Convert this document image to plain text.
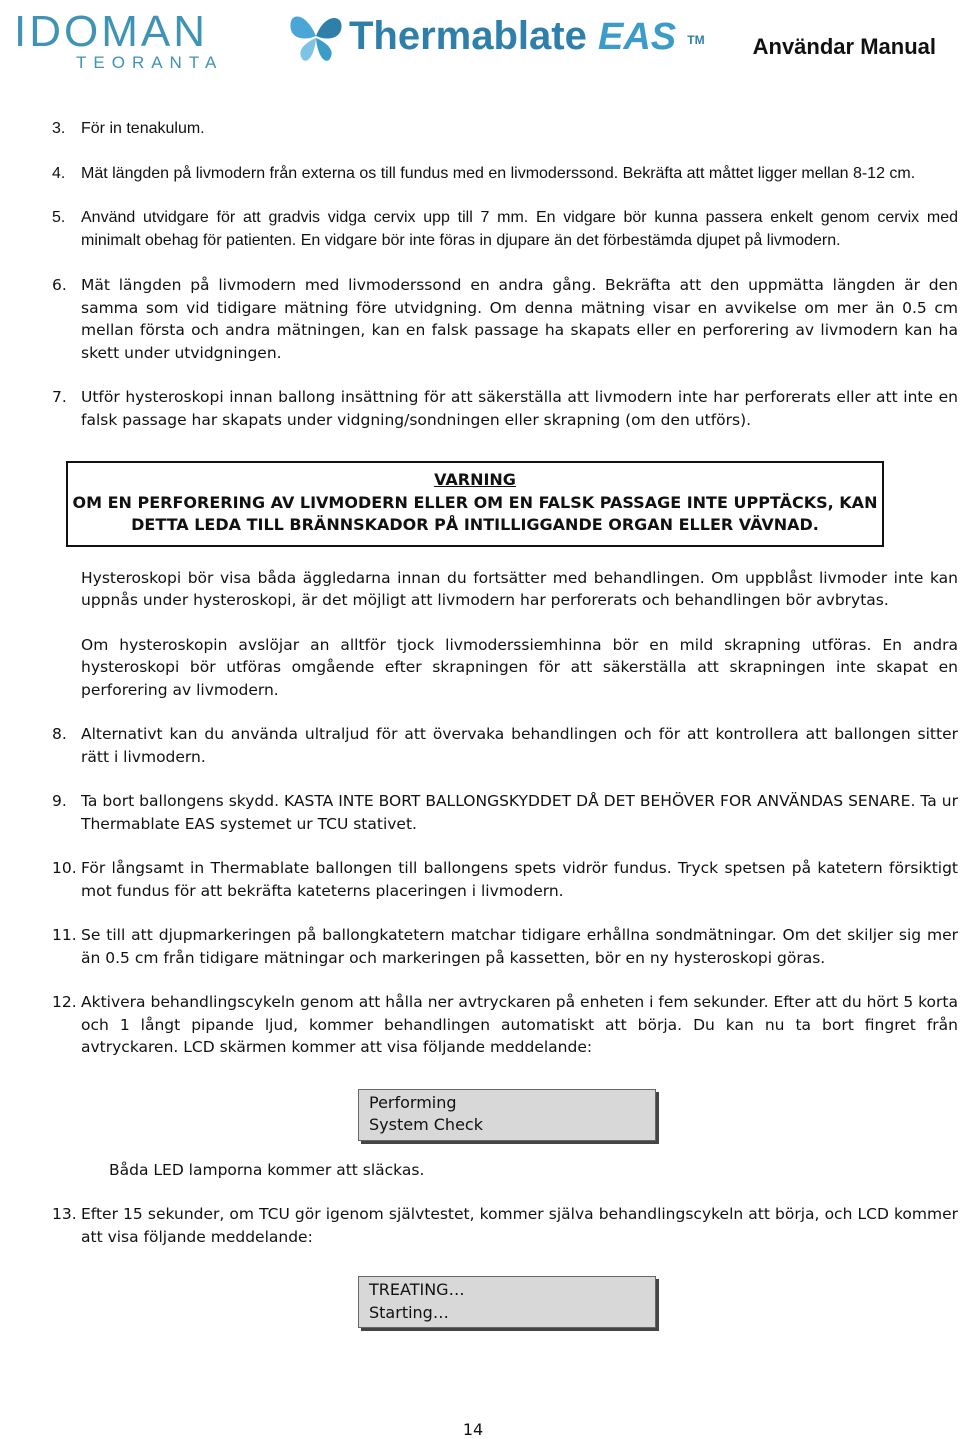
IDOMAN
TEORANTA
Thermablate EAS ™ Användar Manual
3. För in tenakulum.
4. Mät längden på livmodern från externa os till fundus med en livmoderssond. Bekräfta att måttet ligger mellan 8-12 cm.
5. Använd utvidgare för att gradvis vidga cervix upp till 7 mm. En vidgare bör kunna passera enkelt genom cervix med minimalt obehag för patienten. En vidgare bör inte föras in djupare än det förbestämda djupet på livmodern.
6. Mät längden på livmodern med livmoderssond en andra gång. Bekräfta att den uppmätta längden är den samma som vid tidigare mätning före utvidgning. Om denna mätning visar en avvikelse om mer än 0.5 cm mellan första och andra mätningen, kan en falsk passage ha skapats eller en perforering av livmodern kan ha skett under utvidgningen.
7. Utför hysteroskopi innan ballong insättning för att säkerställa att livmodern inte har perforerats eller att inte en falsk passage har skapats under vidgning/sondningen eller skrapning (om den utförs).
VARNING
OM EN PERFORERING AV LIVMODERN ELLER OM EN FALSK PASSAGE INTE UPPTÄCKS, KAN DETTA LEDA TILL BRÄNNSKADOR PÅ INTILLIGGANDE ORGAN ELLER VÄVNAD.
Hysteroskopi bör visa båda äggledarna innan du fortsätter med behandlingen. Om uppblåst livmoder inte kan uppnås under hysteroskopi, är det möjligt att livmodern har perforerats och behandlingen bör avbrytas.
Om hysteroskopin avslöjar an alltför tjock livmoderssiemhinna bör en mild skrapning utföras. En andra hysteroskopi bör utföras omgående efter skrapningen för att säkerställa att skrapningen inte skapat en perforering av livmodern.
8. Alternativt kan du använda ultraljud för att övervaka behandlingen och för att kontrollera att ballongen sitter rätt i livmodern.
9. Ta bort ballongens skydd. KASTA INTE BORT BALLONGSKYDDET DÅ DET BEHÖVER FOR ANVÄNDAS SENARE. Ta ur Thermablate EAS systemet ur TCU stativet.
10. För långsamt in Thermablate ballongen till ballongens spets vidrör fundus. Tryck spetsen på katetern försiktigt mot fundus för att bekräfta kateterns placeringen i livmodern.
11. Se till att djupmarkeringen på ballongkatetern matchar tidigare erhållna sondmätningar. Om det skiljer sig mer än 0.5 cm från tidigare mätningar och markeringen på kassetten, bör en ny hysteroskopi göras.
12. Aktivera behandlingscykeln genom att hålla ner avtryckaren på enheten i fem sekunder. Efter att du hört 5 korta och 1 långt pipande ljud, kommer behandlingen automatiskt att börja. Du kan nu ta bort fingret från avtryckaren. LCD skärmen kommer att visa följande meddelande:
Performing
System Check
Båda LED lamporna kommer att släckas.
13. Efter 15 sekunder, om TCU gör igenom självtestet, kommer själva behandlingscykeln att börja, och LCD kommer att visa följande meddelande:
TREATING…
Starting…
14
